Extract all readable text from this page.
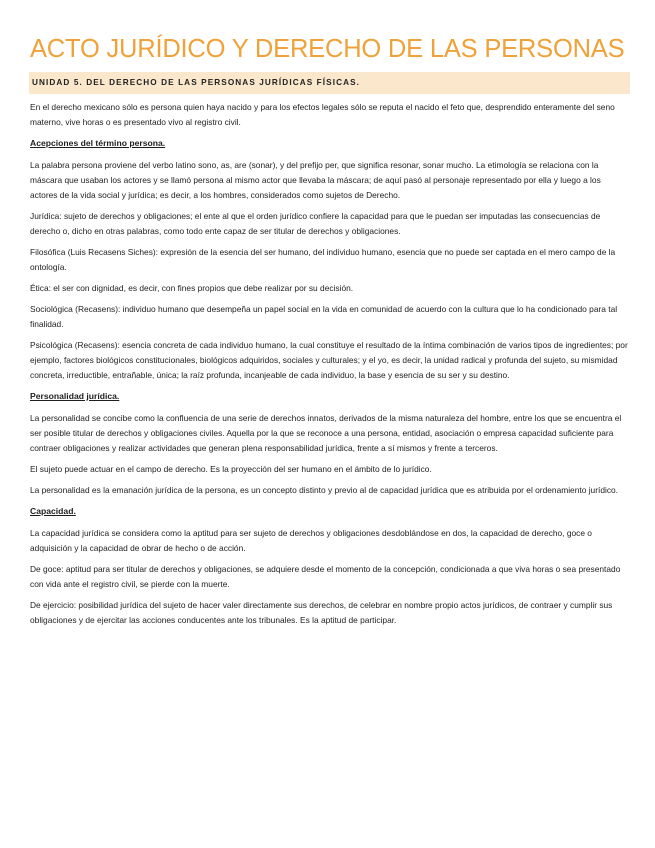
ACTO JURÍDICO Y DERECHO DE LAS PERSONAS
UNIDAD 5. DEL DERECHO DE LAS PERSONAS JURÍDICAS FÍSICAS.

En el derecho mexicano sólo es persona quien haya nacido y para los efectos legales sólo se reputa el nacido el feto que, desprendido enteramente del seno materno, vive horas o es presentado vivo al registro civil.

Acepciones del término persona.

La palabra persona proviene del verbo latino sono, as, are (sonar), y del prefijo per, que significa resonar, sonar mucho. La etimología se relaciona con la máscara que usaban los actores y se llamó persona al mismo actor que llevaba la máscara; de aquí pasó al personaje representado por ella y luego a los actores de la vida social y jurídica; es decir, a los hombres, considerados como sujetos de Derecho.

Jurídica: sujeto de derechos y obligaciones; el ente al que el orden jurídico confiere la capacidad para que le puedan ser imputadas las consecuencias de derecho o, dicho en otras palabras, como todo ente capaz de ser titular de derechos y obligaciones.

Filosófica (Luis Recasens Siches): expresión de la esencia del ser humano, del individuo humano, esencia que no puede ser captada en el mero campo de la ontología.

Ética: el ser con dignidad, es decir, con fines propios que debe realizar por su decisión.

Sociológica (Recasens): individuo humano que desempeña un papel social en la vida en comunidad de acuerdo con la cultura que lo ha condicionado para tal finalidad.

Psicológica (Recasens): esencia concreta de cada individuo humano, la cual constituye el resultado de la íntima combinación de varios tipos de ingredientes; por ejemplo, factores biológicos constitucionales, biológicos adquiridos, sociales y culturales; y el yo, es decir, la unidad radical y profunda del sujeto, su mismidad concreta, irreductible, entrañable, única; la raíz profunda, incanjeable de cada individuo, la base y esencia de su ser y su destino.

Personalidad jurídica.

La personalidad se concibe como la confluencia de una serie de derechos innatos, derivados de la misma naturaleza del hombre, entre los que se encuentra el ser posible titular de derechos y obligaciones civiles. Aquella por la que se reconoce a una persona, entidad, asociación o empresa capacidad suficiente para contraer obligaciones y realizar actividades que generan plena responsabilidad jurídica, frente a sí mismos y frente a terceros.

El sujeto puede actuar en el campo de derecho. Es la proyección del ser humano en el ámbito de lo jurídico.

La personalidad es la emanación jurídica de la persona, es un concepto distinto y previo al de capacidad jurídica que es atribuida por el ordenamiento jurídico.

Capacidad.

La capacidad jurídica se considera como la aptitud para ser sujeto de derechos y obligaciones desdoblándose en dos, la capacidad de derecho, goce o adquisición y la capacidad de obrar de hecho o de acción.

De goce: aptitud para ser titular de derechos y obligaciones, se adquiere desde el momento de la concepción, condicionada a que viva horas o sea presentado con vida ante el registro civil, se pierde con la muerte.

De ejercicio: posibilidad jurídica del sujeto de hacer valer directamente sus derechos, de celebrar en nombre propio actos jurídicos, de contraer y cumplir sus obligaciones y de ejercitar las acciones conducentes ante los tribunales. Es la aptitud de participar.
